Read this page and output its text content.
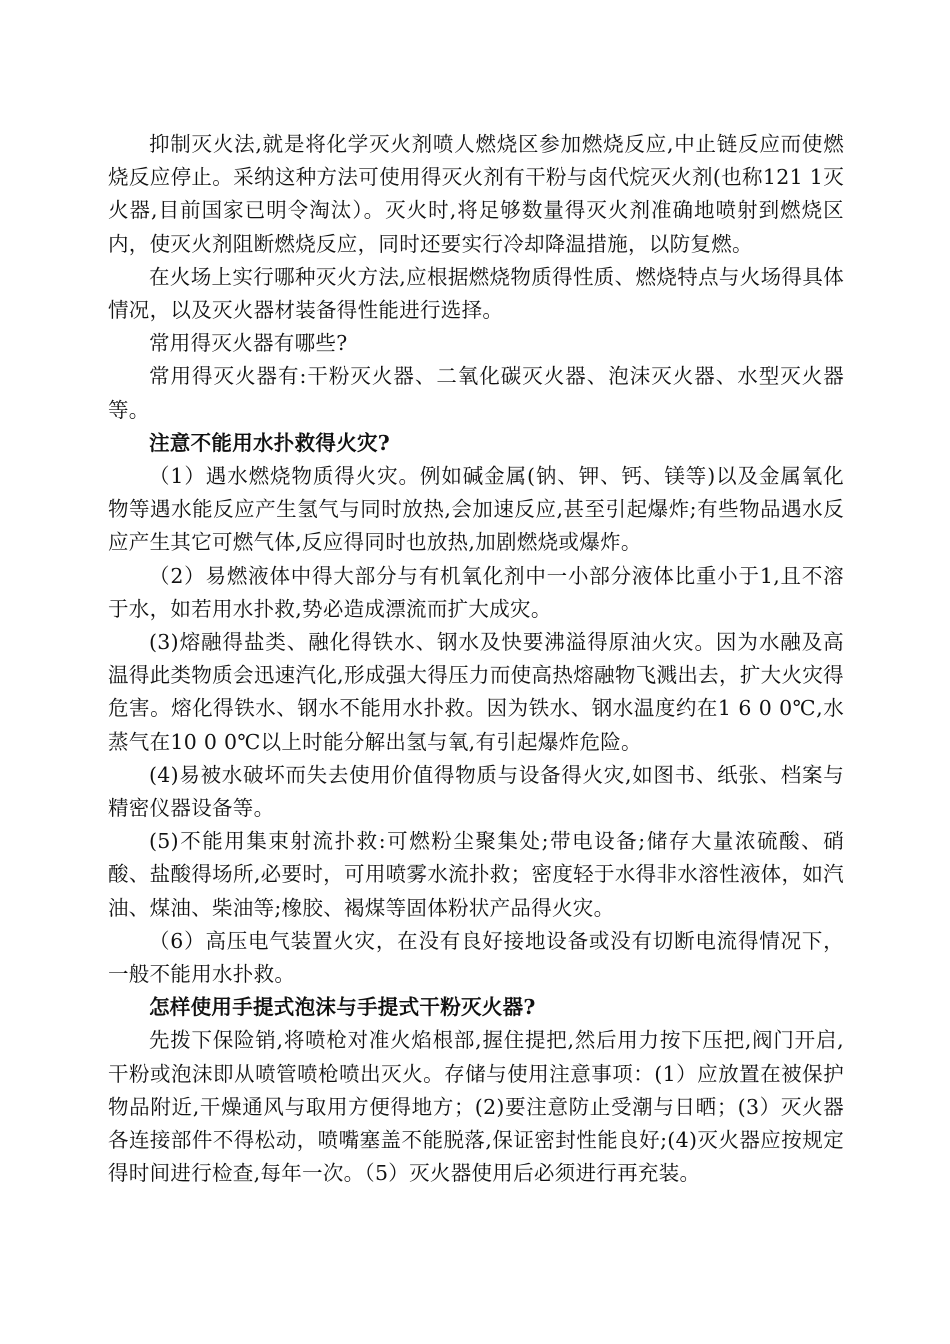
抑制灭火法,就是将化学灭火剂喷人燃烧区参加燃烧反应,中止链反应而使燃烧反应停止。采纳这种方法可使用得灭火剂有干粉与卤代烷灭火剂(也称121 1灭火器,目前国家已明令淘汰）。灭火时,将足够数量得灭火剂准确地喷射到燃烧区内，使灭火剂阻断燃烧反应，同时还要实行冷却降温措施，以防复燃。

在火场上实行哪种灭火方法,应根据燃烧物质得性质、燃烧特点与火场得具体情况，以及灭火器材装备得性能进行选择。

常用得灭火器有哪些?

常用得灭火器有:干粉灭火器、二氧化碳灭火器、泡沫灭火器、水型灭火器等。

注意不能用水扑救得火灾?

（1）遇水燃烧物质得火灾。例如碱金属(钠、钾、钙、镁等)以及金属氧化物等遇水能反应产生氢气与同时放热,会加速反应,甚至引起爆炸;有些物品遇水反应产生其它可燃气体,反应得同时也放热,加剧燃烧或爆炸。

（2）易燃液体中得大部分与有机氧化剂中一小部分液体比重小于1,且不溶于水，如若用水扑救,势必造成漂流而扩大成灾。

(3)熔融得盐类、融化得铁水、钢水及快要沸溢得原油火灾。因为水融及高温得此类物质会迅速汽化,形成强大得压力而使高热熔融物飞溅出去，扩大火灾得危害。熔化得铁水、钢水不能用水扑救。因为铁水、钢水温度约在1 6 0 0℃,水蒸气在10 0 0℃以上时能分解出氢与氧,有引起爆炸危险。

(4)易被水破坏而失去使用价值得物质与设备得火灾,如图书、纸张、档案与精密仪器设备等。

(5)不能用集束射流扑救:可燃粉尘聚集处;带电设备;储存大量浓硫酸、硝酸、盐酸得场所,必要时，可用喷雾水流扑救；密度轻于水得非水溶性液体，如汽油、煤油、柴油等;橡胶、褐煤等固体粉状产品得火灾。

（6）高压电气装置火灾，在没有良好接地设备或没有切断电流得情况下，一般不能用水扑救。

怎样使用手提式泡沫与手提式干粉灭火器?

先拨下保险销,将喷枪对准火焰根部,握住提把,然后用力按下压把,阀门开启,干粉或泡沫即从喷管喷枪喷出灭火。存储与使用注意事项：(1）应放置在被保护物品附近,干燥通风与取用方便得地方；(2)要注意防止受潮与日晒；(3）灭火器各连接部件不得松动，喷嘴塞盖不能脱落,保证密封性能良好;(4)灭火器应按规定得时间进行检查,每年一次。（5）灭火器使用后必须进行再充装。
